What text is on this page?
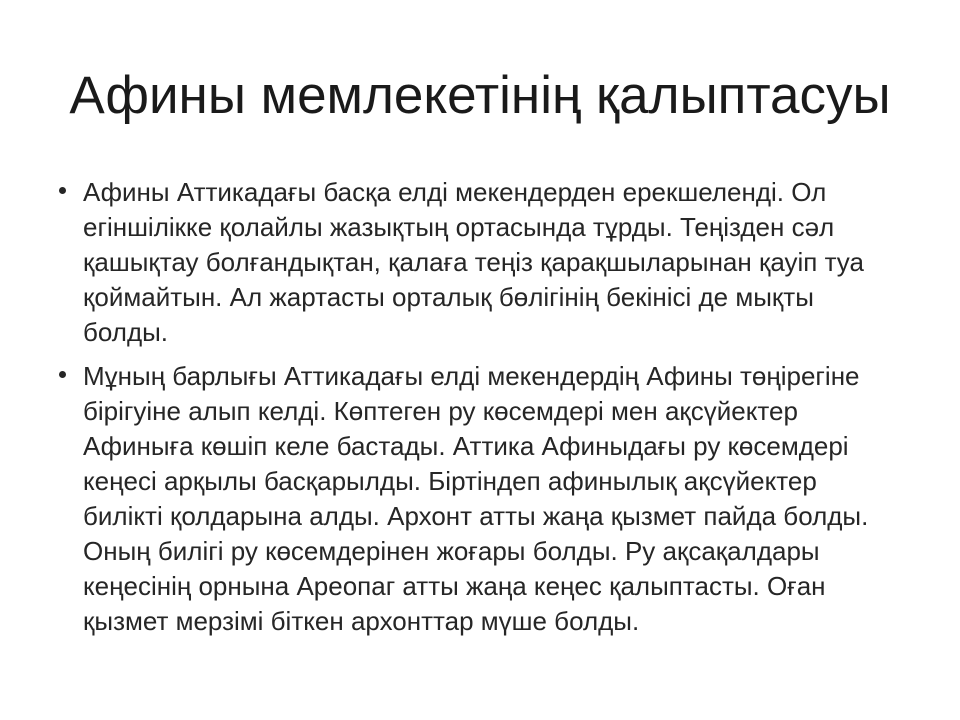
Афины мемлекетінің қалыптасуы
Афины Аттикадағы басқа елді мекендерден ерекшеленді. Ол
егіншілікке қолайлы жазықтың ортасында тұрды. Теңізден сәл
қашықтау болғандықтан, қалаға теңіз қарақшыларынан қауіп туа
қоймайтын. Ал жартасты орталық бөлігінің бекінісі де мықты
болды.
Мұның барлығы Аттикадағы елді мекендердің Афины төңірегіне
бірігуіне алып келді. Көптеген ру көсемдері мен ақсүйектер
Афиныға көшіп келе бастады. Аттика Афиныдағы ру көсемдері
кеңесі арқылы басқарылды. Біртіндеп афинылық ақсүйектер
билікті қолдарына алды. Архонт атты жаңа қызмет пайда болды.
Оның билігі ру көсемдерінен жоғары болды. Ру ақсақалдары
кеңесінің орнына Ареопаг атты жаңа кеңес қалыптасты. Оған
қызмет мерзімі біткен архонттар мүше болды.
